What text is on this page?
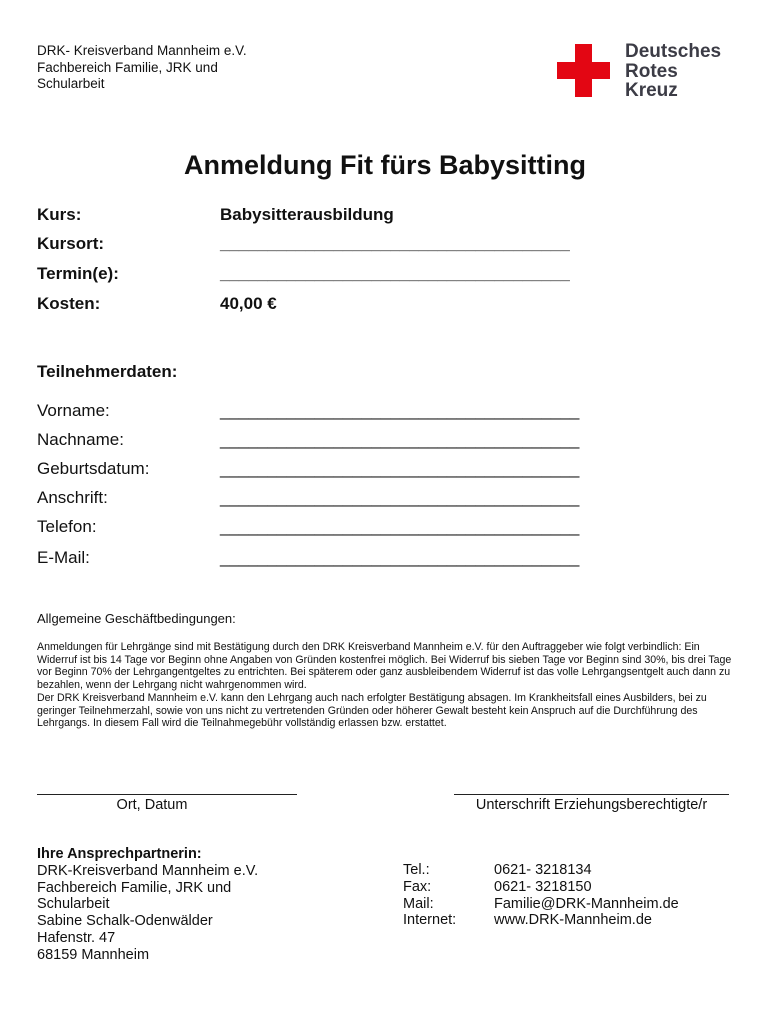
DRK- Kreisverband Mannheim e.V.
Fachbereich Familie, JRK und
Schularbeit
Deutsches
Rotes
Kreuz
Anmeldung Fit fürs Babysitting
Kurs:	Babysitterausbildung
Kursort:	_____________________________________
Termin(e):	_____________________________________
Kosten:	40,00 €
Teilnehmerdaten:
Vorname:	______________________________________
Nachname:	______________________________________
Geburtsdatum:	______________________________________
Anschrift:	______________________________________
Telefon:	______________________________________
E-Mail:	______________________________________
Allgemeine Geschäftbedingungen:

Anmeldungen für Lehrgänge sind mit Bestätigung durch den DRK Kreisverband Mannheim e.V. für den Auftraggeber wie folgt verbindlich: Ein Widerruf ist bis 14 Tage vor Beginn ohne Angaben von Gründen kostenfrei möglich. Bei Widerruf bis sieben Tage vor Beginn sind 30%, bis drei Tage vor Beginn 70% der Lehrgangentgeltes zu entrichten. Bei späterem oder ganz ausbleibendem Widerruf ist das volle Lehrgangsentgelt auch dann zu bezahlen, wenn der Lehrgang nicht wahrgenommen wird.

Der DRK Kreisverband Mannheim e.V. kann den Lehrgang auch nach erfolgter Bestätigung absagen. Im Krankheitsfall eines Ausbilders, bei zu geringer Teilnehmerzahl, sowie von uns nicht zu vertretenden Gründen oder höherer Gewalt besteht kein Anspruch auf die Durchführung des Lehrgangs. In diesem Fall wird die Teilnahmegebühr vollständig erlassen bzw. erstattet.

Ort, Datum	Unterschrift Erziehungsberechtigte/r
Ihre Ansprechpartnerin:
DRK-Kreisverband Mannheim e.V.
Fachbereich Familie, JRK und
Schularbeit
Sabine Schalk-Odenwälder
Hafenstr. 47
68159 Mannheim
Tel.:	0621- 3218134
Fax:	0621- 3218150
Mail:	Familie@DRK-Mannheim.de
Internet:	www.DRK-Mannheim.de
